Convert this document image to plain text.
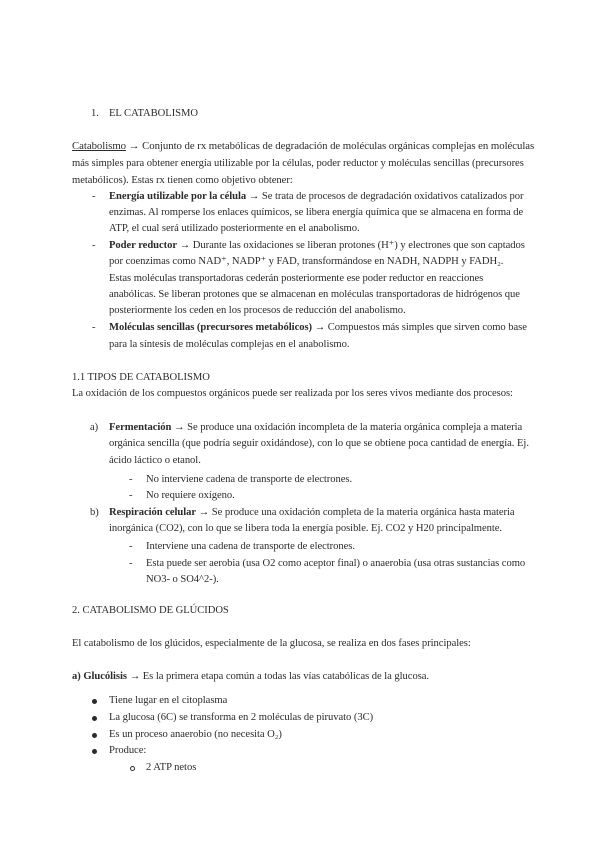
1. EL CATABOLISMO
Catabolismo → Conjunto de rx metabólicas de degradación de moléculas orgánicas complejas en moléculas
más simples para obtener energía utilizable por la células, poder reductor y moléculas sencillas (precursores
metabólicos). Estas rx tienen como objetivo obtener:
- Energía utilizable por la célula → Se trata de procesos de degradación oxidativos catalizados por
enzimas. Al romperse los enlaces químicos, se libera energía química que se almacena en forma de
ATP, el cual será utilizado posteriormente en el anabolismo.
- Poder reductor → Durante las oxidaciones se liberan protones (H⁺) y electrones que son captados
por coenzimas como NAD⁺, NADP⁺ y FAD, transformándose en NADH, NADPH y FADH₂.
Estas moléculas transportadoras cederán posteriormente ese poder reductor en reacciones
anabólicas. Se liberan protones que se almacenan en moléculas transportadoras de hidrógenos que
posteriormente los ceden en los procesos de reducción del anabolismo.
- Moléculas sencillas (precursores metabólicos) → Compuestos más simples que sirven como base
para la síntesis de moléculas complejas en el anabolismo.
1.1 TIPOS DE CATABOLISMO
La oxidación de los compuestos orgánicos puede ser realizada por los seres vivos mediante dos procesos:
a) Fermentación → Se produce una oxidación incompleta de la materia orgánica compleja a materia
orgánica sencilla (que podría seguir oxidándose), con lo que se obtiene poca cantidad de energía. Ej.
ácido láctico o etanol.
- No interviene cadena de transporte de electrones.
- No requiere oxígeno.
b) Respiración celular → Se produce una oxidación completa de la materia orgánica hasta materia
inorgánica (CO2), con lo que se libera toda la energía posible. Ej. CO2 y H20 principalmente.
- Interviene una cadena de transporte de electrones.
- Esta puede ser aerobia (usa O2 como aceptor final) o anaerobia (usa otras sustancias como
NO3- o SO4^2-).
2. CATABOLISMO DE GLÚCIDOS
El catabolismo de los glúcidos, especialmente de la glucosa, se realiza en dos fases principales:
a) Glucólisis → Es la primera etapa común a todas las vías catabólicas de la glucosa.
Tiene lugar en el citoplasma
La glucosa (6C) se transforma en 2 moléculas de piruvato (3C)
Es un proceso anaerobio (no necesita O₂)
Produce:
2 ATP netos
